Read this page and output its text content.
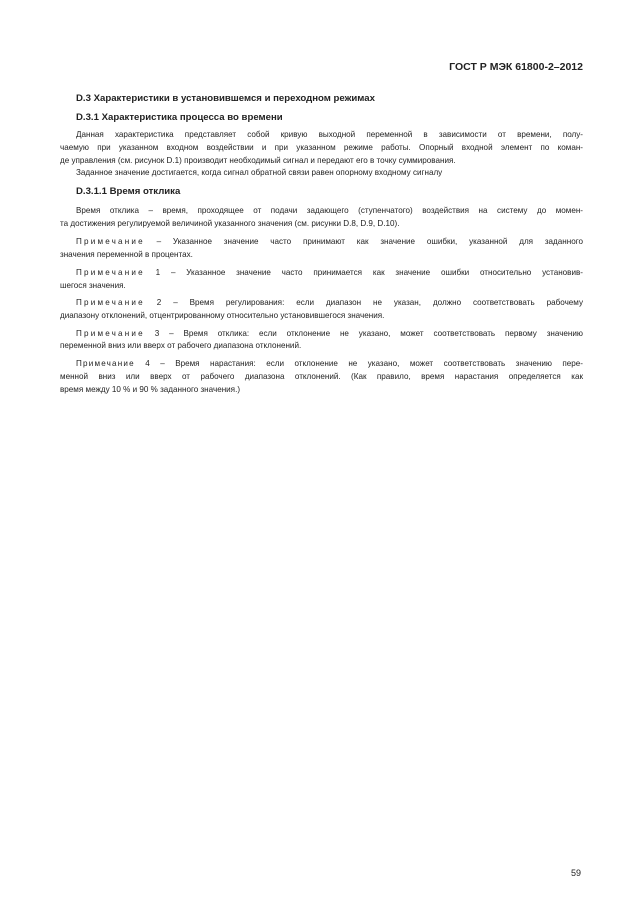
ГОСТ Р МЭК 61800-2–2012
D.3 Характеристики в установившемся и переходном режимах
D.3.1 Характеристика процесса во времени
Данная характеристика представляет собой кривую выходной переменной в зависимости от времени, полу-
чаемую при указанном входном воздействии и при указанном режиме работы. Опорный входной элемент по коман-
де управления (см. рисунок D.1) производит необходимый сигнал и передают его в точку суммирования.
Заданное значение достигается, когда сигнал обратной связи равен опорному входному сигналу
D.3.1.1 Время отклика
Время отклика – время, проходящее от подачи задающего (ступенчатого) воздействия на систему до момен-
та достижения регулируемой величиной указанного значения (см. рисунки D.8, D.9, D.10).
Примечание – Указанное значение часто принимают как значение ошибки, указанной для заданного
значения переменной в процентах.
Примечание 1 – Указанное значение часто принимается как значение ошибки относительно установив-
шегося значения.
Примечание 2 – Время регулирования: если диапазон не указан, должно соответствовать рабочему
диапазону отклонений, отцентрированному относительно установившегося значения.
Примечание 3 – Время отклика: если отклонение не указано, может соответствовать первому значению
переменной вниз или вверх от рабочего диапазона отклонений.
Примечание 4 – Время нарастания: если отклонение не указано, может соответствовать значению пере-
менной вниз или вверх от рабочего диапазона отклонений. (Как правило, время нарастания определяется как
время между 10 % и 90 % заданного значения.)
59
